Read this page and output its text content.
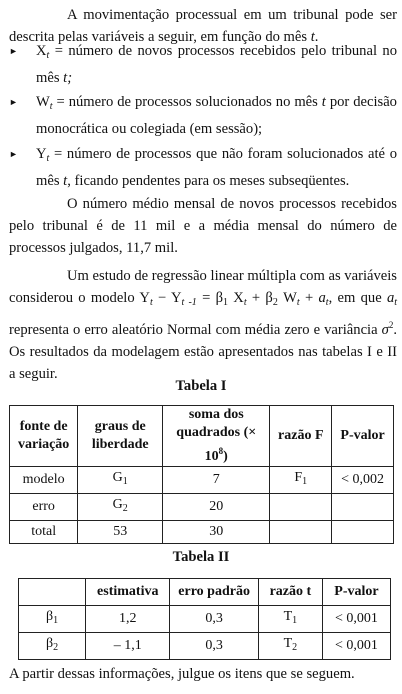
A movimentação processual em um tribunal pode ser descrita pelas variáveis a seguir, em função do mês t.
► $X_t$ = número de novos processos recebidos pelo tribunal no mês t;
► $W_t$ = número de processos solucionados no mês t por decisão monocrática ou colegiada (em sessão);
► $Y_t$ = número de processos que não foram solucionados até o mês t, ficando pendentes para os meses subseqüentes.
O número médio mensal de novos processos recebidos pelo tribunal é de 11 mil e a média mensal do número de processos julgados, 11,7 mil.
Um estudo de regressão linear múltipla com as variáveis considerou o modelo $Y_t - Y_{t -1} = \beta_1$ $X_t + \beta_2$ $W_t + a_t$, em que $a_t$ representa o erro aleatório Normal com média zero e variância $\sigma^2$. Os resultados da modelagem estão apresentados nas tabelas I e II a seguir.
Tabela I
fonte de variação	graus de liberdade	soma dos quadrados (× $10^8$)	razão F	P-valor
modelo	$G_1$	7	$F_1$	< 0,002
erro	$G_2$	20		
total	53	30		
Tabela II
	estimativa	erro padrão	razão t	P-valor
$\beta_1$	1,2	0,3	$T_1$	< 0,001
$\beta_2$	– 1,1	0,3	$T_2$	< 0,001
A partir dessas informações, julgue os itens que se seguem.
